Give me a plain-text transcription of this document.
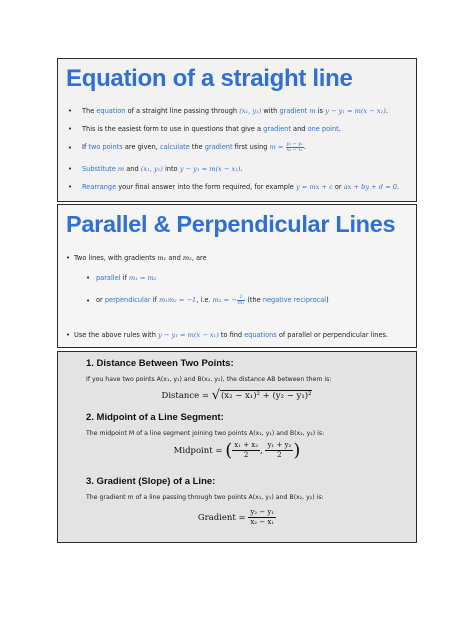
Equation of a straight line
• The equation of a straight line passing through (x₁, y₁) with gradient m is y − y₁ = m(x − x₁).
• This is the easiest form to use in questions that give a gradient and one point.
• If two points are given, calculate the gradient first using $m = \frac{\text{y₂ − y₁}}{\text{x₂ − x₁}}$ .
• Substitute m and (x₁, y₁) into y − y₁ = m(x − x₁).
• Rearrange your final answer into the form required, for example y = mx + c or ax + by + d = 0.
Parallel & Perpendicular Lines
• Two lines, with gradients m₁ and m₂, are
• parallel if m₁ = m₂
• or perpendicular if m₁m₂ = −1, i.e. m₂ = − $\frac{1}{\text{m₁}} (the$ negative reciprocal)
• Use the above rules with y − y₁ = m(x − x₁) to find equations of parallel or perpendicular lines.
1. Distance Between Two Points:
If you have two points A(x₁, y₁) and B(x₂, y₂), the distance AB between them is:
Distance = √(x₂ − x₁)² + (y₂ − y₁)²
2. Midpoint of a Line Segment:
The midpoint M of a line segment joining two points A(x₁, y₁) and B(x₂, y₂) is:
Midpoint = ( $\frac{\text{x₁ + x₂}}{2}$ , $\frac{\text{y₁ + y₂}}{2}$ )
3. Gradient (Slope) of a Line:
The gradient m of a line passing through two points A(x₁, y₁) and B(x₂, y₂) is:
Gradient = $\frac{\text{y₂ − y₁}}{\text{x₂ − x₁}}$
